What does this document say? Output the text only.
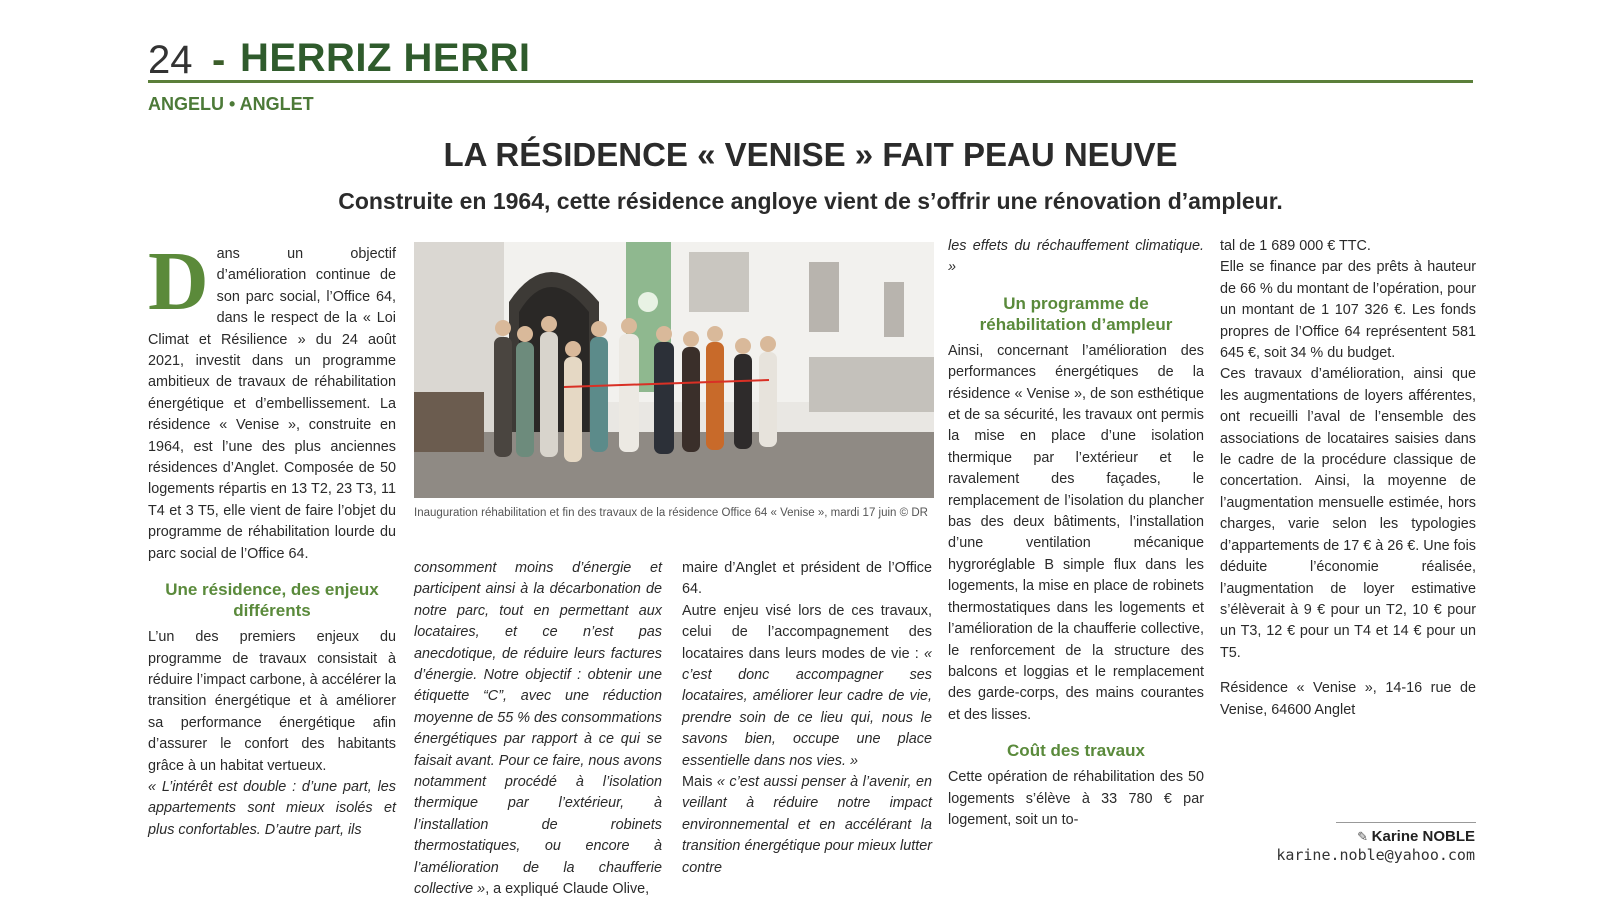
24 - HERRIZ HERRI
ANGELU • ANGLET
LA RÉSIDENCE « VENISE » FAIT PEAU NEUVE
Construite en 1964, cette résidence angloye vient de s’offrir une rénovation d’ampleur.
D ans un objectif d’amélioration continue de son parc social, l’Office 64, dans le respect de la « Loi Climat et Résilience » du 24 août 2021, investit dans un programme ambitieux de travaux de réhabilitation énergétique et d’embellissement. La résidence « Venise », construite en 1964, est l’une des plus anciennes résidences d’Anglet. Composée de 50 logements répartis en 13 T2, 23 T3, 11 T4 et 3 T5, elle vient de faire l’objet du programme de réhabilitation lourde du parc social de l’Office 64.

Une résidence, des enjeux différents

L’un des premiers enjeux du programme de travaux consistait à réduire l’impact carbone, à accélérer la transition énergétique et à améliorer sa performance énergétique afin d’assurer le confort des habitants grâce à un habitat vertueux.

« L’intérêt est double : d’une part, les appartements sont mieux isolés et plus confortables. D’autre part, ils

Inauguration réhabilitation et fin des travaux de la résidence Office 64 « Venise », mardi 17 juin © DR

consomment moins d’énergie et participent ainsi à la décarbonation de notre parc, tout en permettant aux locataires, et ce n’est pas anecdotique, de réduire leurs factures d’énergie. Notre objectif : obtenir une étiquette “C”, avec une réduction moyenne de 55 % des consommations énergétiques par rapport à ce qui se faisait avant. Pour ce faire, nous avons notamment procédé à l’isolation thermique par l’extérieur, à l’installation de robinets thermostatiques, ou encore à l’amélioration de la chaufferie collective », a expliqué Claude Olive,

maire d’Anglet et président de l’Office 64.

Autre enjeu visé lors de ces travaux, celui de l’accompagnement des locataires dans leurs modes de vie : « c’est donc accompagner ses locataires, améliorer leur cadre de vie, prendre soin de ce lieu qui, nous le savons bien, occupe une place essentielle dans nos vies. »

Mais « c’est aussi penser à l’avenir, en veillant à réduire notre impact environnemental et en accélérant la transition énergétique pour mieux lutter contre

les effets du réchauffement climatique. »

Un programme de réhabilitation d’ampleur

Ainsi, concernant l’amélioration des performances énergétiques de la résidence « Venise », de son esthétique et de sa sécurité, les travaux ont permis la mise en place d’une isolation thermique par l’extérieur et le ravalement des façades, le remplacement de l’isolation du plancher bas des deux bâtiments, l’installation d’une ventilation mécanique hygroréglable B simple flux dans les logements, la mise en place de robinets thermostatiques dans les logements et l’amélioration de la chaufferie collective, le renforcement de la structure des balcons et loggias et le remplacement des garde-corps, des mains courantes et des lisses.

Coût des travaux

Cette opération de réhabilitation des 50 logements s’élève à 33 780 € par logement, soit un to-

tal de 1 689 000 € TTC.

Elle se finance par des prêts à hauteur de 66 % du montant de l’opération, pour un montant de 1 107 326 €. Les fonds propres de l’Office 64 représentent 581 645 €, soit 34 % du budget.

Ces travaux d’amélioration, ainsi que les augmentations de loyers afférentes, ont recueilli l’aval de l’ensemble des associations de locataires saisies dans le cadre de la procédure classique de concertation. Ainsi, la moyenne de l’augmentation mensuelle estimée, hors charges, varie selon les typologies d’appartements de 17 € à 26 €. Une fois déduite l’économie réalisée, l’augmentation de loyer estimative s’élèverait à 9 € pour un T2, 10 € pour un T3, 12 € pour un T4 et 14 € pour un T5.

Résidence « Venise », 14-16 rue de Venise, 64600 Anglet

✎ Karine NOBLE
karine.noble@yahoo.com
